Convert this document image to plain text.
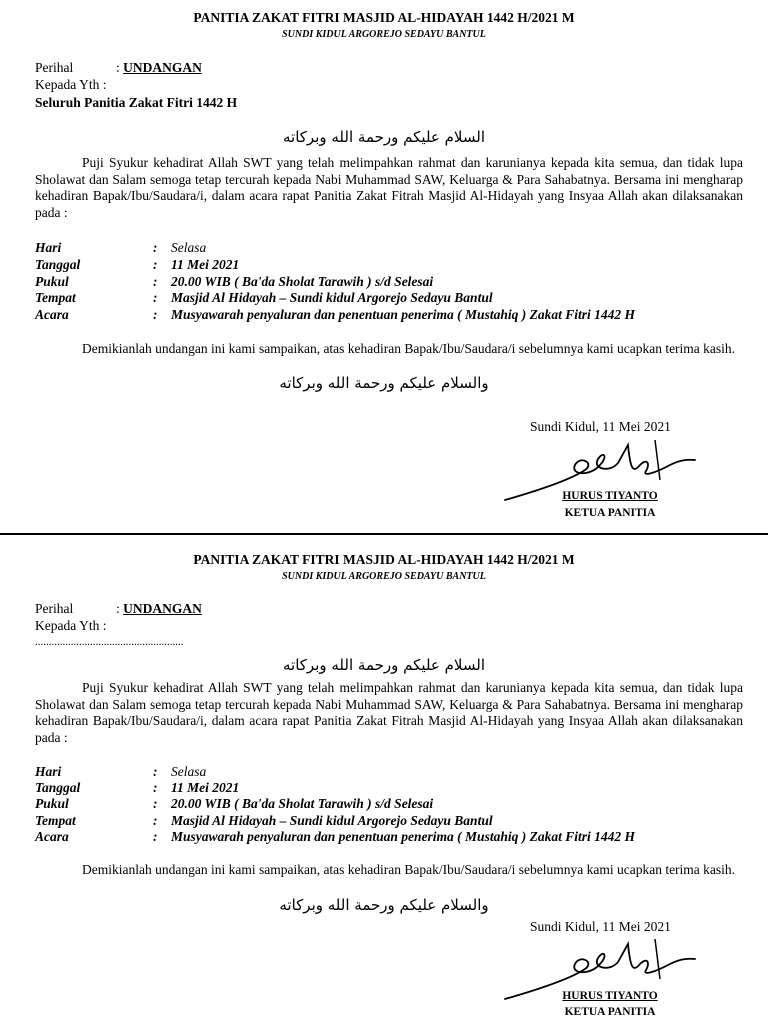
PANITIA ZAKAT FITRI MASJID AL-HIDAYAH 1442 H/2021 M
SUNDI KIDUL ARGOREJO SEDAYU BANTUL
Perihal	: UNDANGAN
Kepada Yth :
Seluruh Panitia Zakat Fitri 1442 H
السلام عليكم ورحمة الله وبركاته
Puji Syukur kehadirat Allah SWT yang telah melimpahkan rahmat dan karunianya kepada kita semua, dan tidak lupa Sholawat dan Salam semoga tetap tercurah kepada Nabi Muhammad SAW, Keluarga & Para Sahabatnya. Bersama ini mengharap kehadiran Bapak/Ibu/Saudara/i, dalam acara rapat Panitia Zakat Fitrah Masjid Al-Hidayah yang Insyaa Allah akan dilaksanakan pada :
Hari	: Selasa
Tanggal	: 11 Mei 2021
Pukul	: 20.00 WIB ( Ba'da Sholat Tarawih ) s/d Selesai
Tempat	: Masjid Al Hidayah – Sundi kidul Argorejo Sedayu Bantul
Acara	: Musyawarah penyaluran dan penentuan penerima ( Mustahiq ) Zakat Fitri 1442 H
Demikianlah undangan ini kami sampaikan, atas kehadiran Bapak/Ibu/Saudara/i sebelumnya kami ucapkan terima kasih.
والسلام عليكم ورحمة الله وبركاته
Sundi Kidul, 11 Mei 2021
HURUS TIYANTO
KETUA PANITIA
PANITIA ZAKAT FITRI MASJID AL-HIDAYAH 1442 H/2021 M
SUNDI KIDUL ARGOREJO SEDAYU BANTUL
Perihal	: UNDANGAN
Kepada Yth :
......................................................
السلام عليكم ورحمة الله وبركاته
Puji Syukur kehadirat Allah SWT yang telah melimpahkan rahmat dan karunianya kepada kita semua, dan tidak lupa Sholawat dan Salam semoga tetap tercurah kepada Nabi Muhammad SAW, Keluarga & Para Sahabatnya. Bersama ini mengharap kehadiran Bapak/Ibu/Saudara/i, dalam acara rapat Panitia Zakat Fitrah Masjid Al-Hidayah yang Insyaa Allah akan dilaksanakan pada :
Hari	: Selasa
Tanggal	: 11 Mei 2021
Pukul	: 20.00 WIB ( Ba'da Sholat Tarawih ) s/d Selesai
Tempat	: Masjid Al Hidayah – Sundi kidul Argorejo Sedayu Bantul
Acara	: Musyawarah penyaluran dan penentuan penerima ( Mustahiq ) Zakat Fitri 1442 H
Demikianlah undangan ini kami sampaikan, atas kehadiran Bapak/Ibu/Saudara/i sebelumnya kami ucapkan terima kasih.
والسلام عليكم ورحمة الله وبركاته
Sundi Kidul, 11 Mei 2021
HURUS TIYANTO
KETUA PANITIA
